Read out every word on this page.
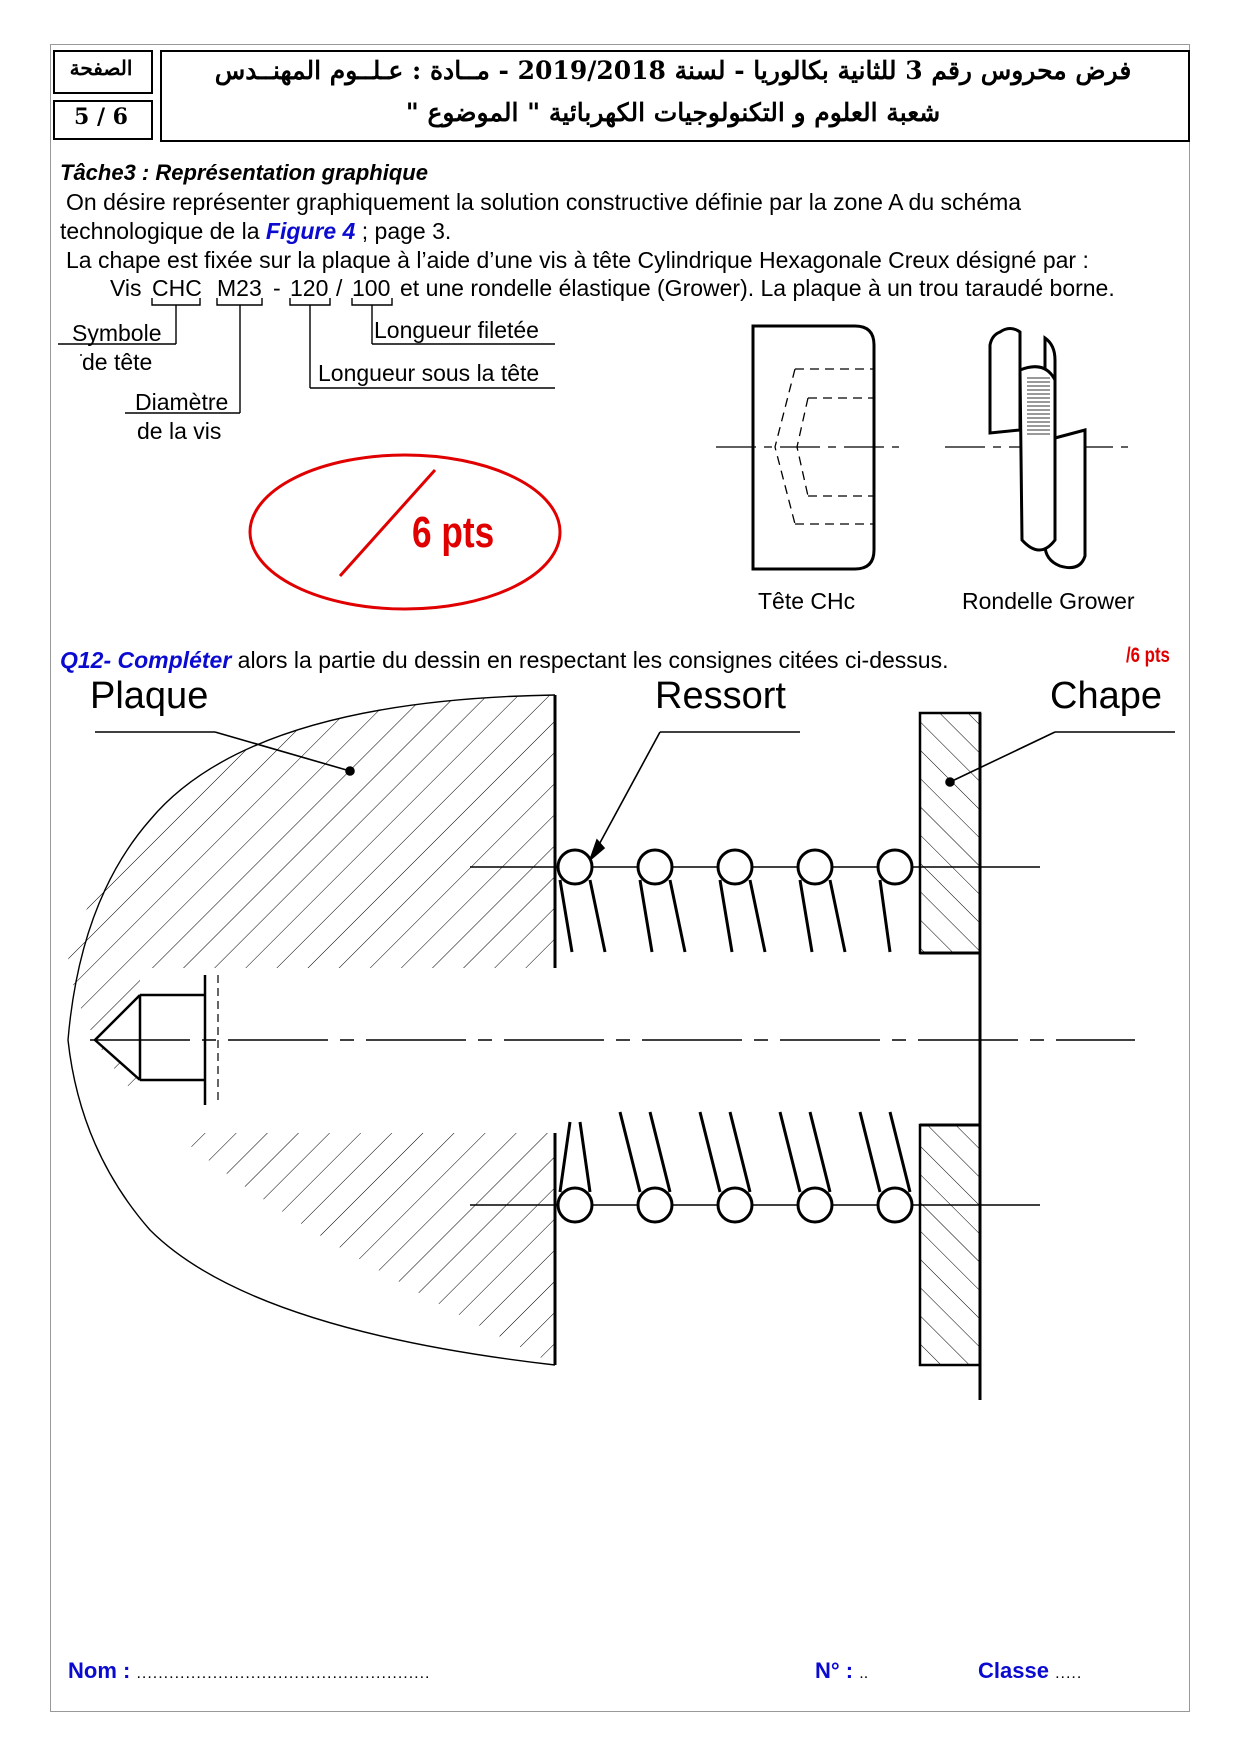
الصفحة
5 / 6
فرض محروس رقم 3 للثانية بكالوريا - لسنة 2019/2018 - مــادة : عـلــوم المهنــدس
شعبة العلوم و التكنولوجيات الكهربائية " الموضوع "
Tâche3 : Représentation graphique
On désire représenter graphiquement la solution constructive définie par la zone A du schéma
technologique de la Figure 4 ; page 3.
La chape est fixée sur la plaque à l’aide d’une vis à tête Cylindrique Hexagonale Creux désigné par :
Vis CHC M23 - 120 / 100 et une rondelle élastique (Grower). La plaque à un trou taraudé borne.
Symbole
de tête
Diamètre
de la vis
Longueur filetée
Longueur sous la tête
6 pts
Tête CHc	Rondelle Grower
Q12- Compléter alors la partie du dessin en respectant les consignes citées ci-dessus.	/6 pts
Plaque	Ressort	Chape
Nom : ......................................................	N° : ..	Classe .....
